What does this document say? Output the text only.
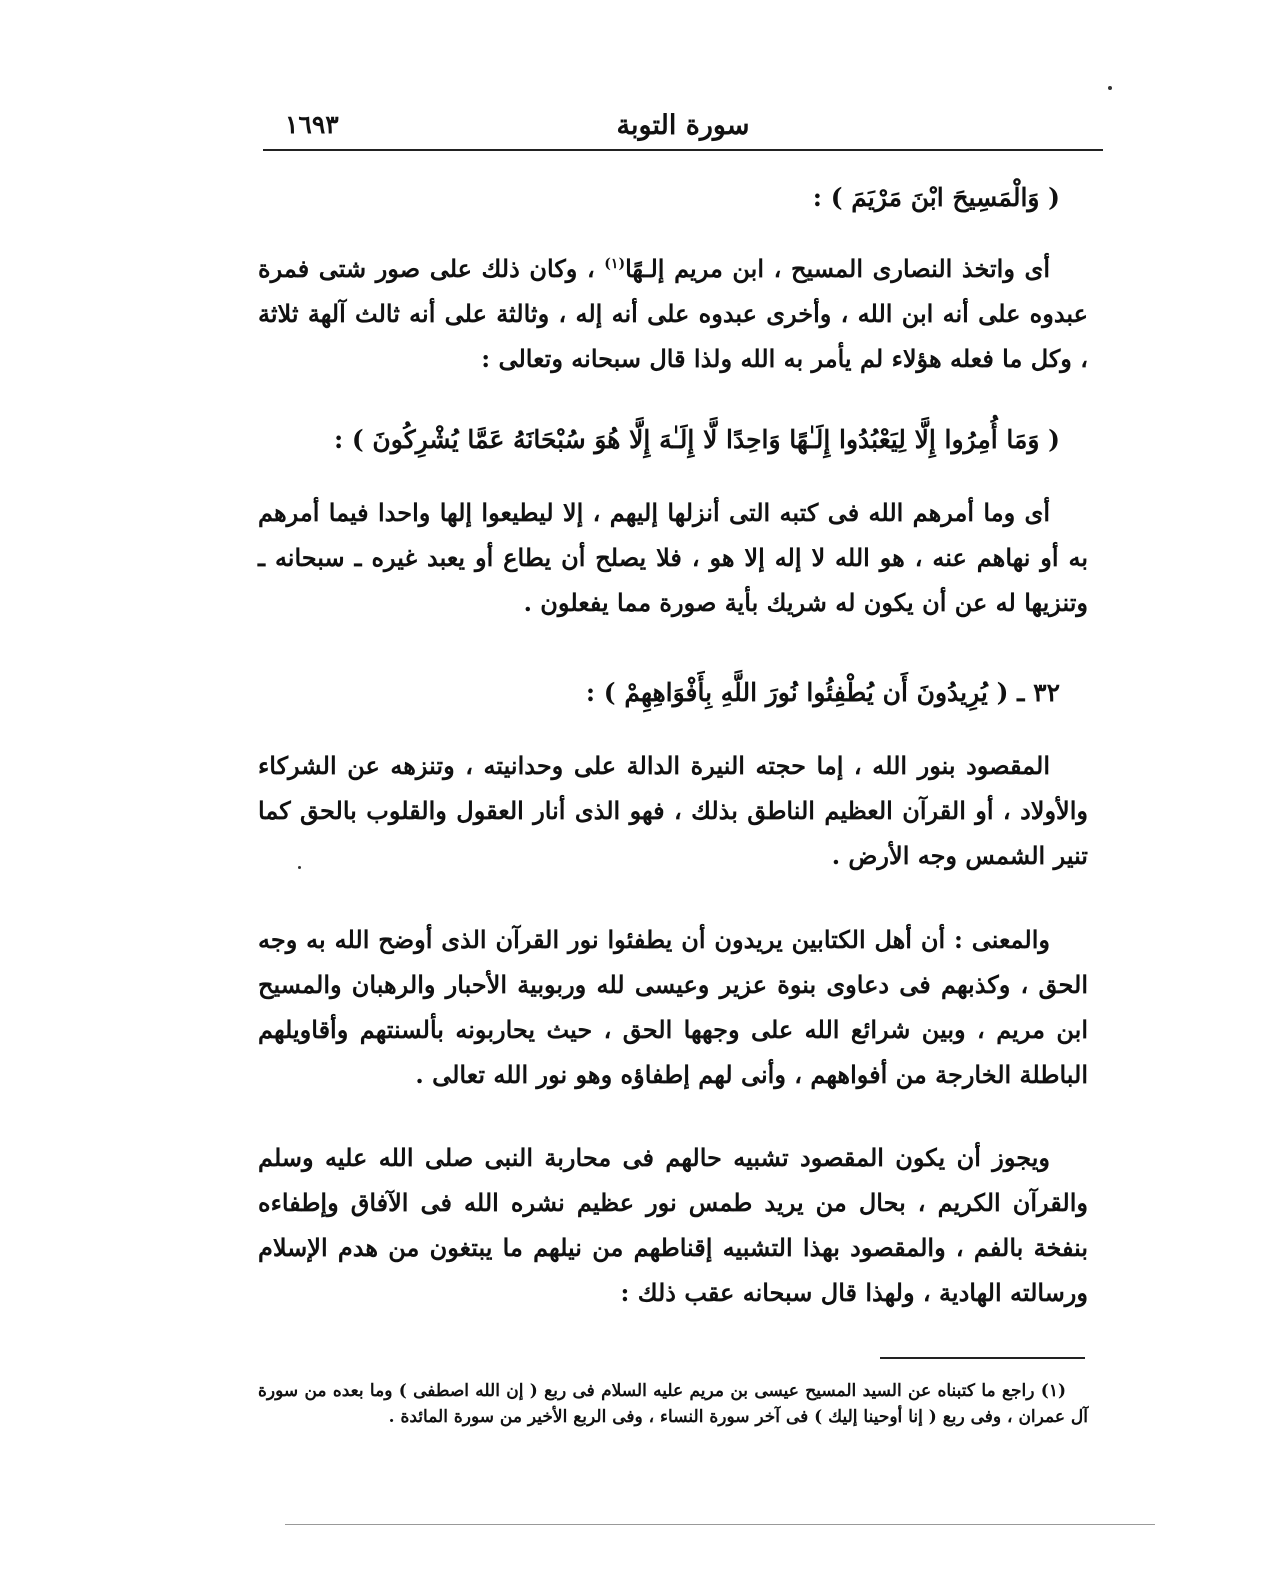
سورة التوبة
١٦٩٣
( وَالْمَسِيحَ ابْنَ مَرْيَمَ ) :
أى واتخذ النصارى المسيح ، ابن مريم إلـهًا$^{(١)}$ ، وكان ذلك على صور شتى فمرة عبدوه على أنه ابن الله ، وأخرى عبدوه على أنه إله ، وثالثة على أنه ثالث آلهة ثلاثة ، وكل ما فعله هؤلاء لم يأمر به الله ولذا قال سبحانه وتعالى :
( وَمَا أُمِرُوا إِلَّا لِيَعْبُدُوا إِلَـٰهًا وَاحِدًا لَّا إِلَـٰهَ إِلَّا هُوَ سُبْحَانَهُ عَمَّا يُشْرِكُونَ ) :
أى وما أمرهم الله فى كتبه التى أنزلها إليهم ، إلا ليطيعوا إلها واحدا فيما أمرهم به أو نهاهم عنه ، هو الله لا إله إلا هو ، فلا يصلح أن يطاع أو يعبد غيره ـ سبحانه ـ وتنزيها له عن أن يكون له شريك بأية صورة مما يفعلون .
٣٢ ـ ( يُرِيدُونَ أَن يُطْفِئُوا نُورَ اللَّهِ بِأَفْوَاهِهِمْ ) :
المقصود بنور الله ، إما حجته النيرة الدالة على وحدانيته ، وتنزهه عن الشركاء والأولاد ، أو القرآن العظيم الناطق بذلك ، فهو الذى أنار العقول والقلوب بالحق كما تنير الشمس وجه الأرض .
والمعنى : أن أهل الكتابين يريدون أن يطفئوا نور القرآن الذى أوضح الله به وجه الحق ، وكذبهم فى دعاوى بنوة عزير وعيسى لله وربوبية الأحبار والرهبان والمسيح ابن مريم ، وبين شرائع الله على وجهها الحق ، حيث يحاربونه بألسنتهم وأقاويلهم الباطلة الخارجة من أفواههم ، وأنى لهم إطفاؤه وهو نور الله تعالى .
ويجوز أن يكون المقصود تشبيه حالهم فى محاربة النبى صلى الله عليه وسلم والقرآن الكريم ، بحال من يريد طمس نور عظيم نشره الله فى الآفاق وإطفاءه بنفخة بالفم ، والمقصود بهذا التشبيه إقناطهم من نيلهم ما يبتغون من هدم الإسلام ورسالته الهادية ، ولهذا قال سبحانه عقب ذلك :
(١) راجع ما كتبناه عن السيد المسيح عيسى بن مريم عليه السلام فى ربع ( إن الله اصطفى ) وما بعده من سورة آل عمران ، وفى ربع ( إنا أوحينا إليك ) فى آخر سورة النساء ، وفى الربع الأخير من سورة المائدة .
